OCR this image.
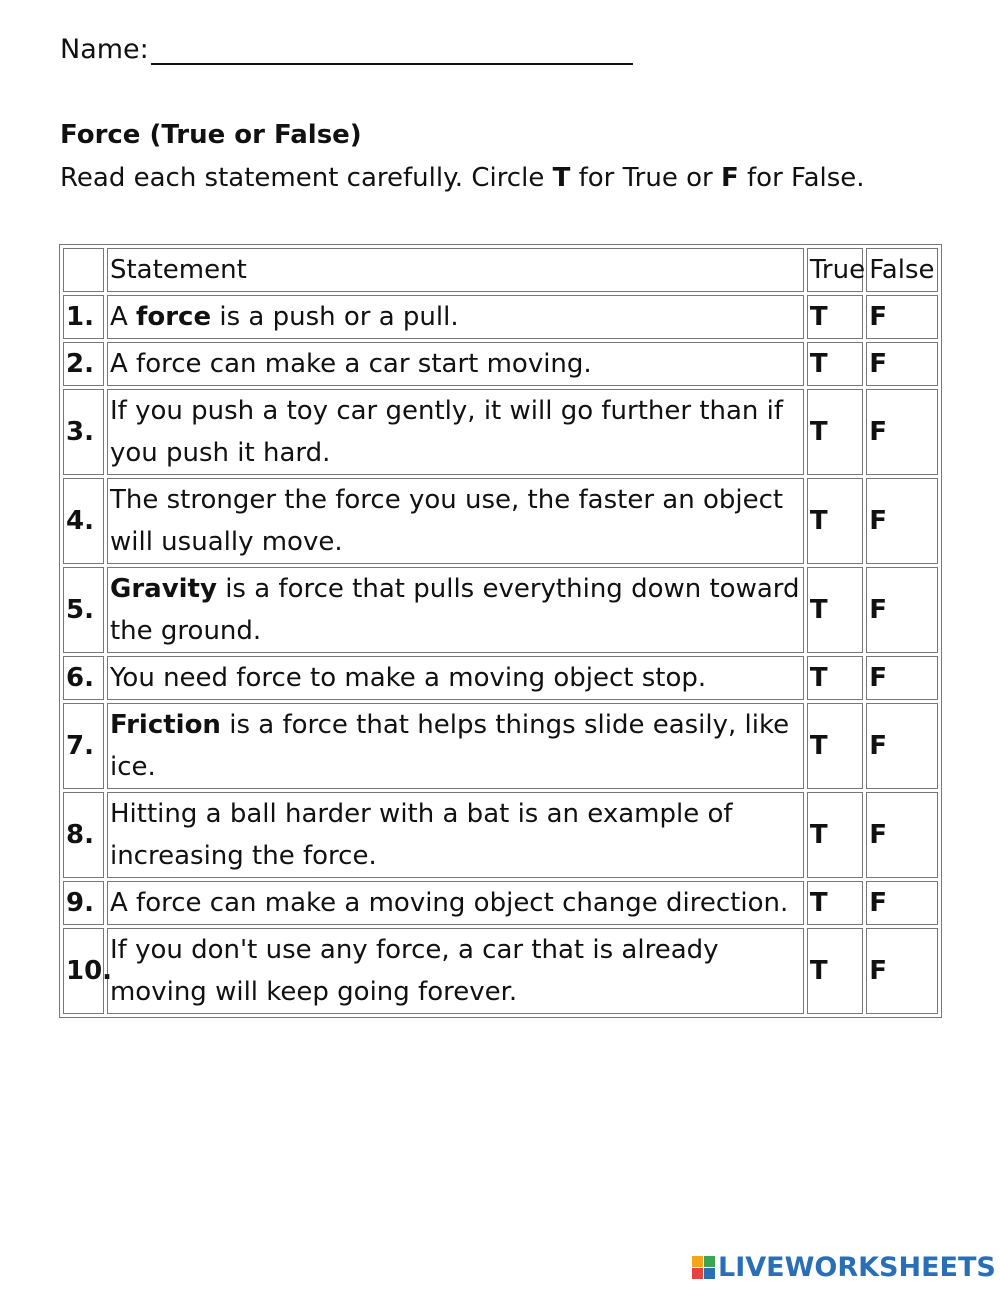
Name:
Force (True or False)
Read each statement carefully. Circle T for True or F for False.
	Statement	True	False
1.	A force is a push or a pull.	T	F
2.	A force can make a car start moving.	T	F
3.	If you push a toy car gently, it will go further than if you push it hard.	T	F
4.	The stronger the force you use, the faster an object will usually move.	T	F
5.	Gravity is a force that pulls everything down toward the ground.	T	F
6.	You need force to make a moving object stop.	T	F
7.	Friction is a force that helps things slide easily, like ice.	T	F
8.	Hitting a ball harder with a bat is an example of increasing the force.	T	F
9.	A force can make a moving object change direction.	T	F
10.	If you don't use any force, a car that is already moving will keep going forever.	T	F
LIVEWORKSHEETS
